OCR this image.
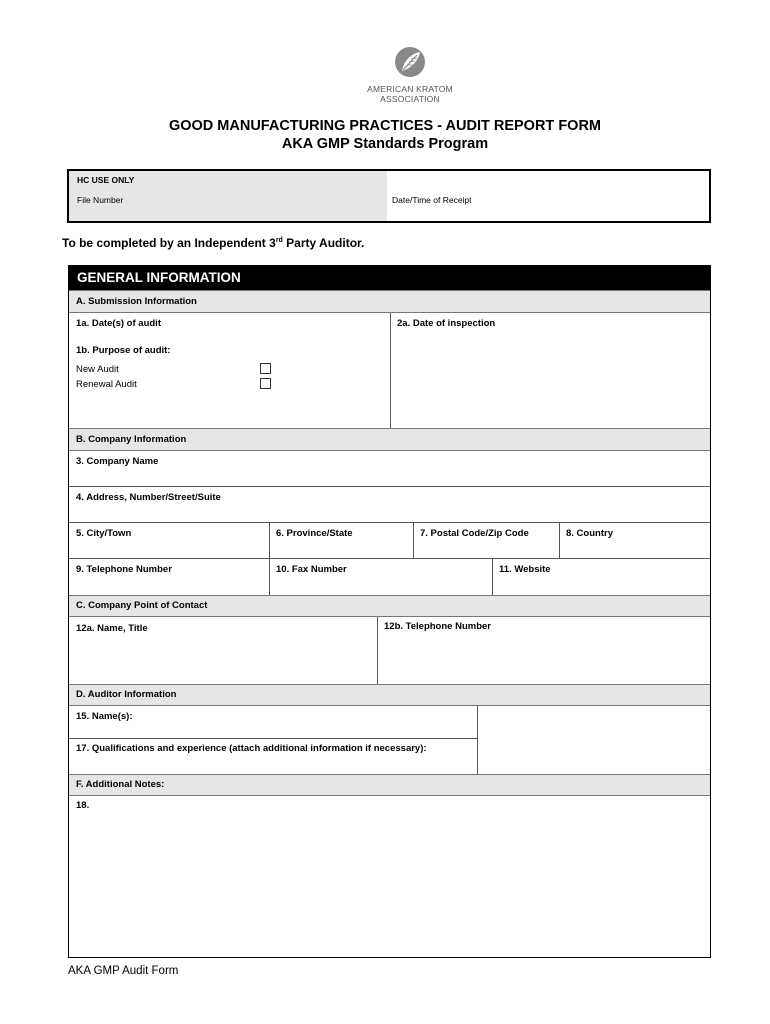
AMERICAN KRATOM ASSOCIATION
GOOD MANUFACTURING PRACTICES - AUDIT REPORT FORM
AKA GMP Standards Program
HC USE ONLY
File Number	Date/Time of Receipt
To be completed by an Independent 3rd Party Auditor.
GENERAL INFORMATION
A. Submission Information
1a. Date(s) of audit	2a. Date of inspection
1b. Purpose of audit:
New Audit
Renewal Audit
B. Company Information
3. Company Name
4. Address, Number/Street/Suite
5. City/Town	6. Province/State	7. Postal Code/Zip Code	8. Country
9. Telephone Number	10. Fax Number	11. Website
C. Company Point of Contact
12a. Name, Title	12b. Telephone Number
D. Auditor Information
15. Name(s):
17. Qualifications and experience (attach additional information if necessary):
F. Additional Notes:
18.
AKA GMP Audit Form
